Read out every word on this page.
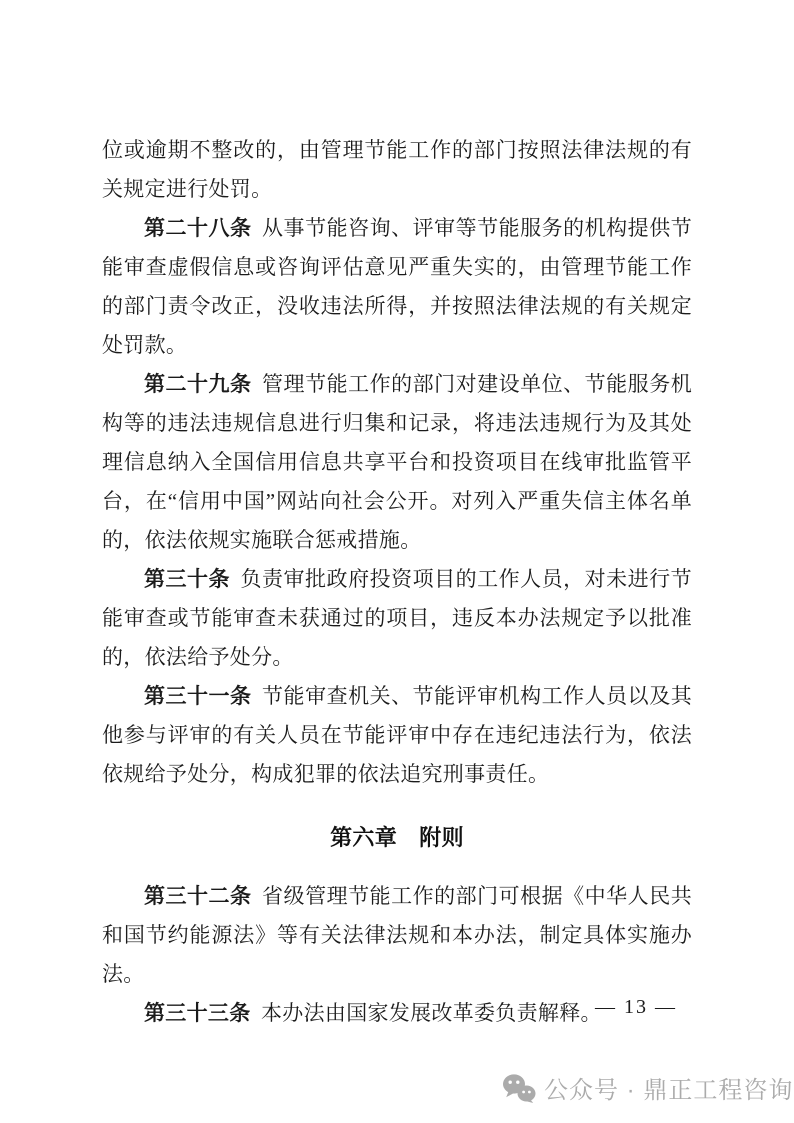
位或逾期不整改的，由管理节能工作的部门按照法律法规的有关规定进行处罚。

第二十八条 从事节能咨询、评审等节能服务的机构提供节能审查虚假信息或咨询评估意见严重失实的，由管理节能工作的部门责令改正，没收违法所得，并按照法律法规的有关规定处罚款。

第二十九条 管理节能工作的部门对建设单位、节能服务机构等的违法违规信息进行归集和记录，将违法违规行为及其处理信息纳入全国信用信息共享平台和投资项目在线审批监管平台，在“信用中国”网站向社会公开。对列入严重失信主体名单的，依法依规实施联合惩戒措施。

第三十条 负责审批政府投资项目的工作人员，对未进行节能审查或节能审查未获通过的项目，违反本办法规定予以批准的，依法给予处分。

第三十一条 节能审查机关、节能评审机构工作人员以及其他参与评审的有关人员在节能评审中存在违纪违法行为，依法依规给予处分，构成犯罪的依法追究刑事责任。

第六章　附则

第三十二条 省级管理节能工作的部门可根据《中华人民共和国节约能源法》等有关法律法规和本办法，制定具体实施办法。

第三十三条 本办法由国家发展改革委负责解释。

— 13 —
公众号 · 鼎正工程咨询
